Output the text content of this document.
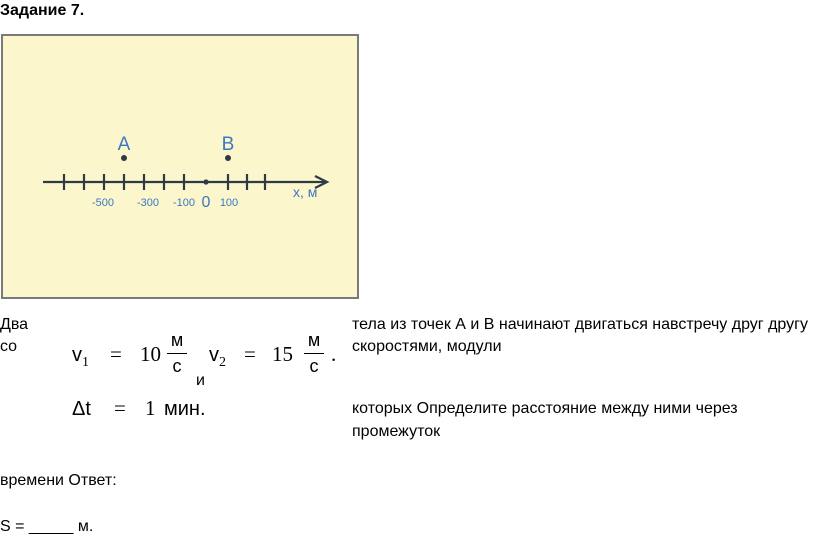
Задание 7.
A	B
x, м
-500 -300 -100 0 100
Два	тела из точек А и В начинают двигаться навстречу друг другу
со	скоростями, модули
$v_1 = 10$
м
с
и
$v_2 = 15$
м
с .
Δt = 1 мин.	которых Определите расстояние между ними через
промежуток
времени Ответ:
S = _____ м.
